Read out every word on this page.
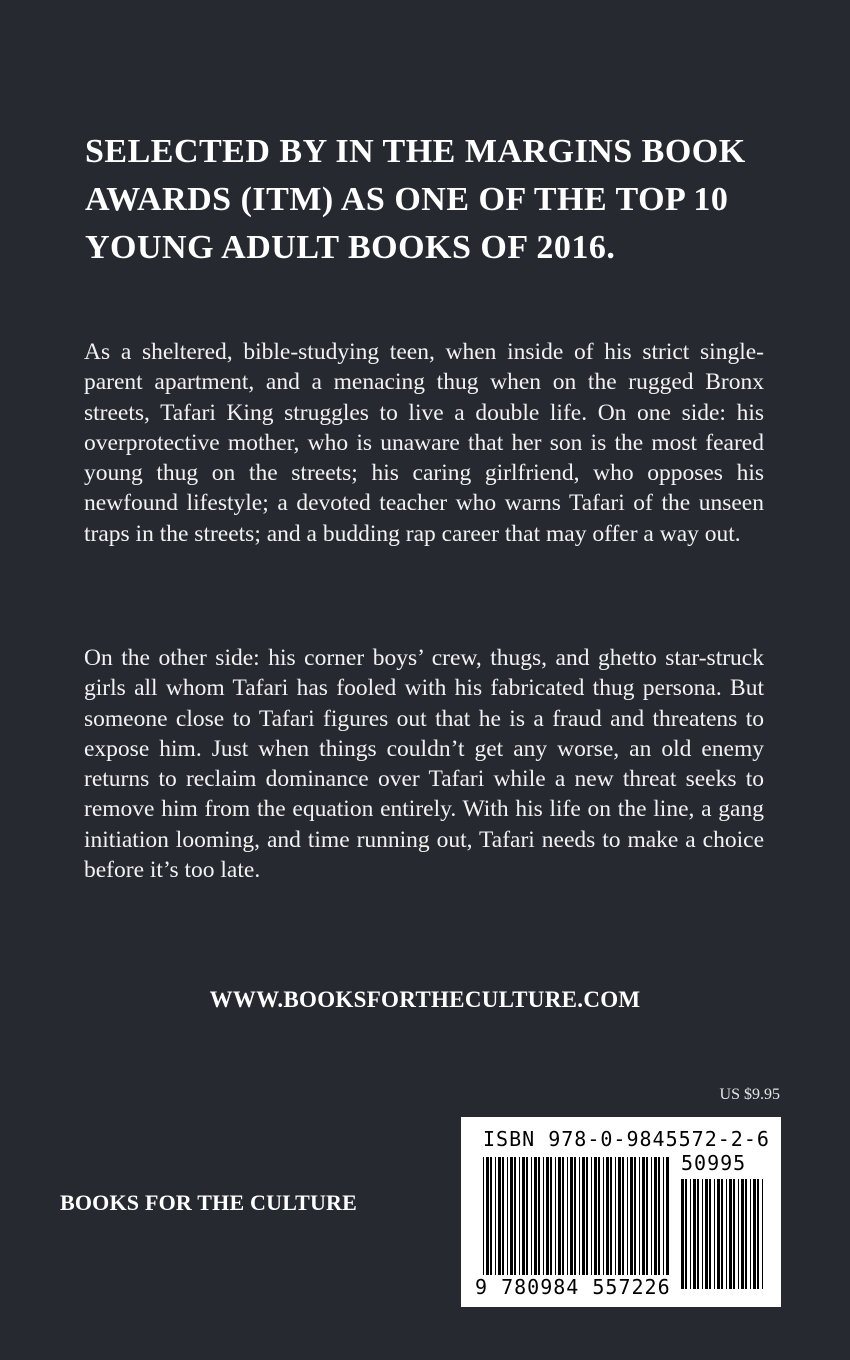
SELECTED BY IN THE MARGINS BOOK
AWARDS (ITM) AS ONE OF THE TOP 10
YOUNG ADULT BOOKS OF 2016.
As a sheltered, bible-studying teen, when inside of his strict single-parent apartment, and a menacing thug when on the rugged Bronx streets, Tafari King struggles to live a double life. On one side: his overprotective mother, who is unaware that her son is the most feared young thug on the streets; his caring girlfriend, who opposes his newfound lifestyle; a devoted teacher who warns Tafari of the unseen traps in the streets; and a budding rap career that may offer a way out.
On the other side: his corner boys’ crew, thugs, and ghetto star-struck girls all whom Tafari has fooled with his fabricated thug persona. But someone close to Tafari figures out that he is a fraud and threatens to expose him. Just when things couldn’t get any worse, an old enemy returns to reclaim dominance over Tafari while a new threat seeks to remove him from the equation entirely. With his life on the line, a gang initiation looming, and time running out, Tafari needs to make a choice before it’s too late.
WWW.BOOKSFORTHECULTURE.COM
US $9.95
BOOKS FOR THE CULTURE
ISBN 978-0-9845572-2-6
50995
9 780984 557226
